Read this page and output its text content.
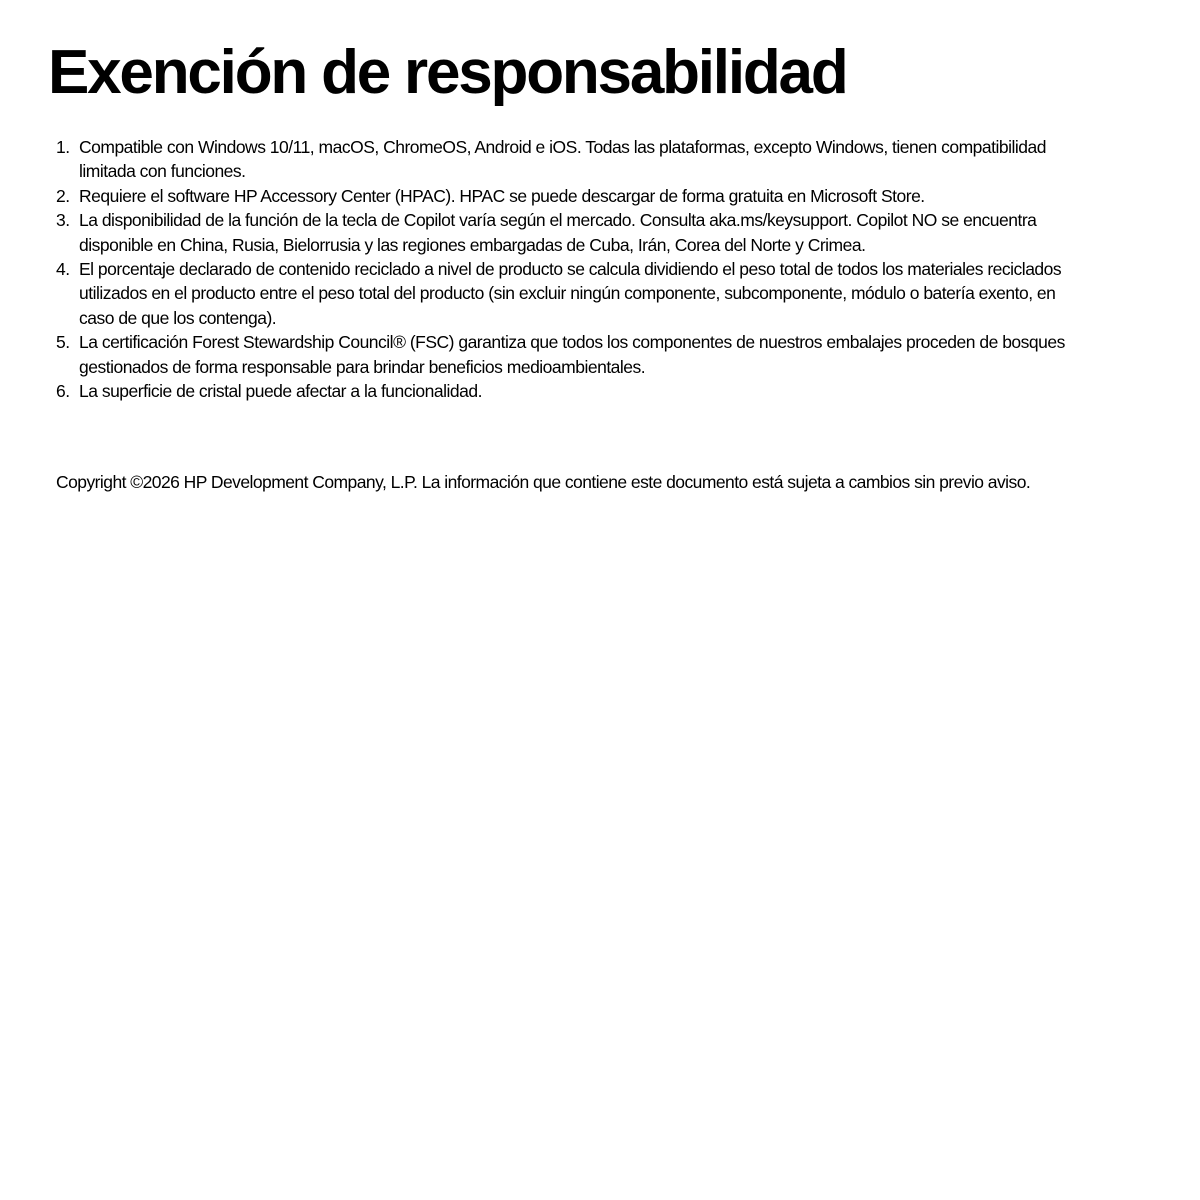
Exención de responsabilidad
1. Compatible con Windows 10/11, macOS, ChromeOS, Android e iOS. Todas las plataformas, excepto Windows, tienen compatibilidad limitada con funciones.
2. Requiere el software HP Accessory Center (HPAC). HPAC se puede descargar de forma gratuita en Microsoft Store.
3. La disponibilidad de la función de la tecla de Copilot varía según el mercado. Consulta aka.ms/keysupport. Copilot NO se encuentra disponible en China, Rusia, Bielorrusia y las regiones embargadas de Cuba, Irán, Corea del Norte y Crimea.
4. El porcentaje declarado de contenido reciclado a nivel de producto se calcula dividiendo el peso total de todos los materiales reciclados utilizados en el producto entre el peso total del producto (sin excluir ningún componente, subcomponente, módulo o batería exento, en caso de que los contenga).
5. La certificación Forest Stewardship Council® (FSC) garantiza que todos los componentes de nuestros embalajes proceden de bosques gestionados de forma responsable para brindar beneficios medioambientales.
6. La superficie de cristal puede afectar a la funcionalidad.

Copyright ©2026 HP Development Company, L.P. La información que contiene este documento está sujeta a cambios sin previo aviso.
